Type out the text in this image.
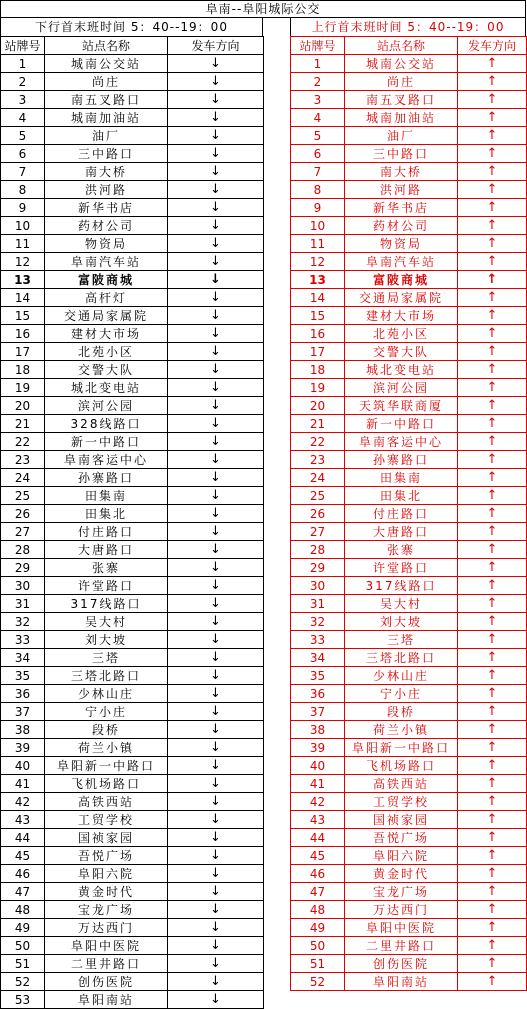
阜南--阜阳城际公交
下行首末班时间 5：40--19：00
站牌号	站点名称	发车方向
1	城南公交站	↓
2	尚庄	↓
3	南五叉路口	↓
4	城南加油站	↓
5	油厂	↓
6	三中路口	↓
7	南大桥	↓
8	洪河路	↓
9	新华书店	↓
10	药材公司	↓
11	物资局	↓
12	阜南汽车站	↓
13	富陂商城	↓
14	高杆灯	↓
15	交通局家属院	↓
16	建材大市场	↓
17	北苑小区	↓
18	交警大队	↓
19	城北变电站	↓
20	滨河公园	↓
21	328线路口	↓
22	新一中路口	↓
23	阜南客运中心	↓
24	孙寨路口	↓
25	田集南	↓
26	田集北	↓
27	付庄路口	↓
28	大唐路口	↓
29	张寨	↓
30	许堂路口	↓
31	317线路口	↓
32	吴大村	↓
33	刘大坡	↓
34	三塔	↓
35	三塔北路口	↓
36	少林山庄	↓
37	宁小庄	↓
38	段桥	↓
39	荷兰小镇	↓
40	阜阳新一中路口	↓
41	飞机场路口	↓
42	高铁西站	↓
43	工贸学校	↓
44	国祯家园	↓
45	吾悦广场	↓
46	阜阳六院	↓
47	黄金时代	↓
48	宝龙广场	↓
49	万达西门	↓
50	阜阳中医院	↓
51	二里井路口	↓
52	创伤医院	↓
53	阜阳南站	↓
上行首末班时间 5：40--19：00
站牌号	站点名称	发车方向
1	城南公交站	↑
2	尚庄	↑
3	南五叉路口	↑
4	城南加油站	↑
5	油厂	↑
6	三中路口	↑
7	南大桥	↑
8	洪河路	↑
9	新华书店	↑
10	药材公司	↑
11	物资局	↑
12	阜南汽车站	↑
13	富陂商城	↑
14	交通局家属院	↑
15	建材大市场	↑
16	北苑小区	↑
17	交警大队	↑
18	城北变电站	↑
19	滨河公园	↑
20	天筑华联商厦	↑
21	新一中路口	↑
22	阜南客运中心	↑
23	孙寨路口	↑
24	田集南	↑
25	田集北	↑
26	付庄路口	↑
27	大唐路口	↑
28	张寨	↑
29	许堂路口	↑
30	317线路口	↑
31	吴大村	↑
32	刘大坡	↑
33	三塔	↑
34	三塔北路口	↑
35	少林山庄	↑
36	宁小庄	↑
37	段桥	↑
38	荷兰小镇	↑
39	阜阳新一中路口	↑
40	飞机场路口	↑
41	高铁西站	↑
42	工贸学校	↑
43	国祯家园	↑
44	吾悦广场	↑
45	阜阳六院	↑
46	黄金时代	↑
47	宝龙广场	↑
48	万达西门	↑
49	阜阳中医院	↑
50	二里井路口	↑
51	创伤医院	↑
52	阜阳南站	↑
